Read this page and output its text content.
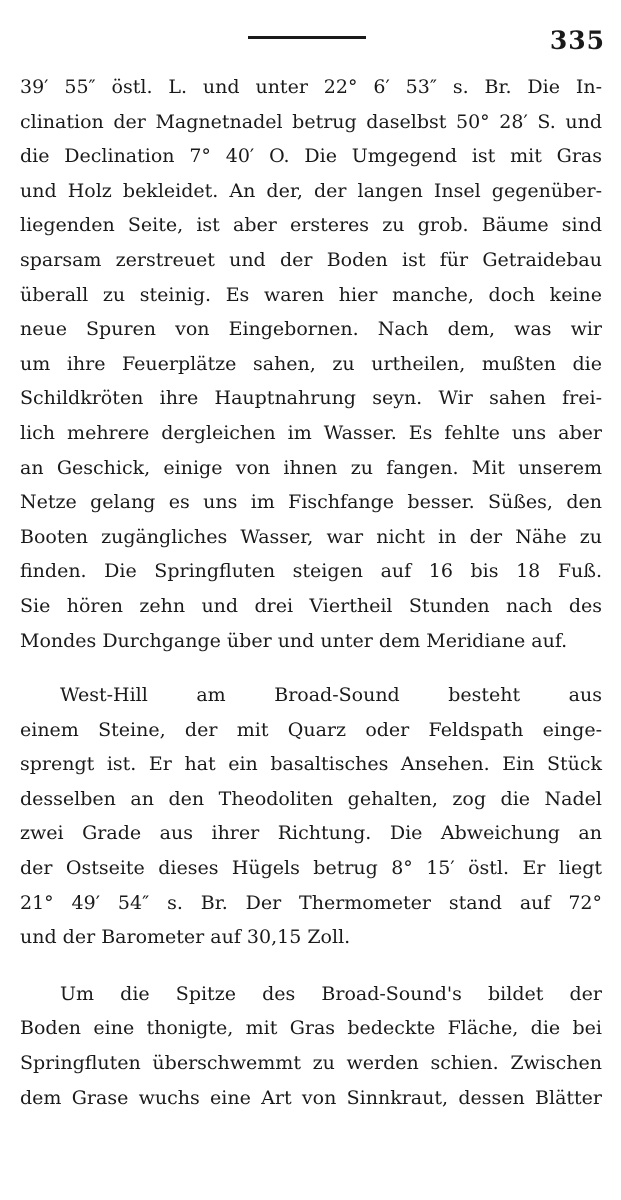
335
39′ 55″ östl. L. und unter 22° 6′ 53″ s. Br. Die In-
clination der Magnetnadel betrug daselbst 50° 28′ S. und
die Declination 7° 40′ O. Die Umgegend ist mit Gras
und Holz bekleidet. An der, der langen Insel gegenüber-
liegenden Seite, ist aber ersteres zu grob. Bäume sind
sparsam zerstreuet und der Boden ist für Getraidebau
überall zu steinig. Es waren hier manche, doch keine
neue Spuren von Eingebornen. Nach dem, was wir
um ihre Feuerplätze sahen, zu urtheilen, mußten die
Schildkröten ihre Hauptnahrung seyn. Wir sahen frei-
lich mehrere dergleichen im Wasser. Es fehlte uns aber
an Geschick, einige von ihnen zu fangen. Mit unserem
Netze gelang es uns im Fischfange besser. Süßes, den
Booten zugängliches Wasser, war nicht in der Nähe zu
finden. Die Springfluten steigen auf 16 bis 18 Fuß.
Sie hören zehn und drei Viertheil Stunden nach des
Mondes Durchgange über und unter dem Meridiane auf.
West-Hill am Broad-Sound besteht aus
einem Steine, der mit Quarz oder Feldspath einge-
sprengt ist. Er hat ein basaltisches Ansehen. Ein Stück
desselben an den Theodoliten gehalten, zog die Nadel
zwei Grade aus ihrer Richtung. Die Abweichung an
der Ostseite dieses Hügels betrug 8° 15′ östl. Er liegt
21° 49′ 54″ s. Br. Der Thermometer stand auf 72°
und der Barometer auf 30,15 Zoll.
Um die Spitze des Broad-Sound's bildet der
Boden eine thonigte, mit Gras bedeckte Fläche, die bei
Springfluten überschwemmt zu werden schien. Zwischen
dem Grase wuchs eine Art von Sinnkraut, dessen Blätter
